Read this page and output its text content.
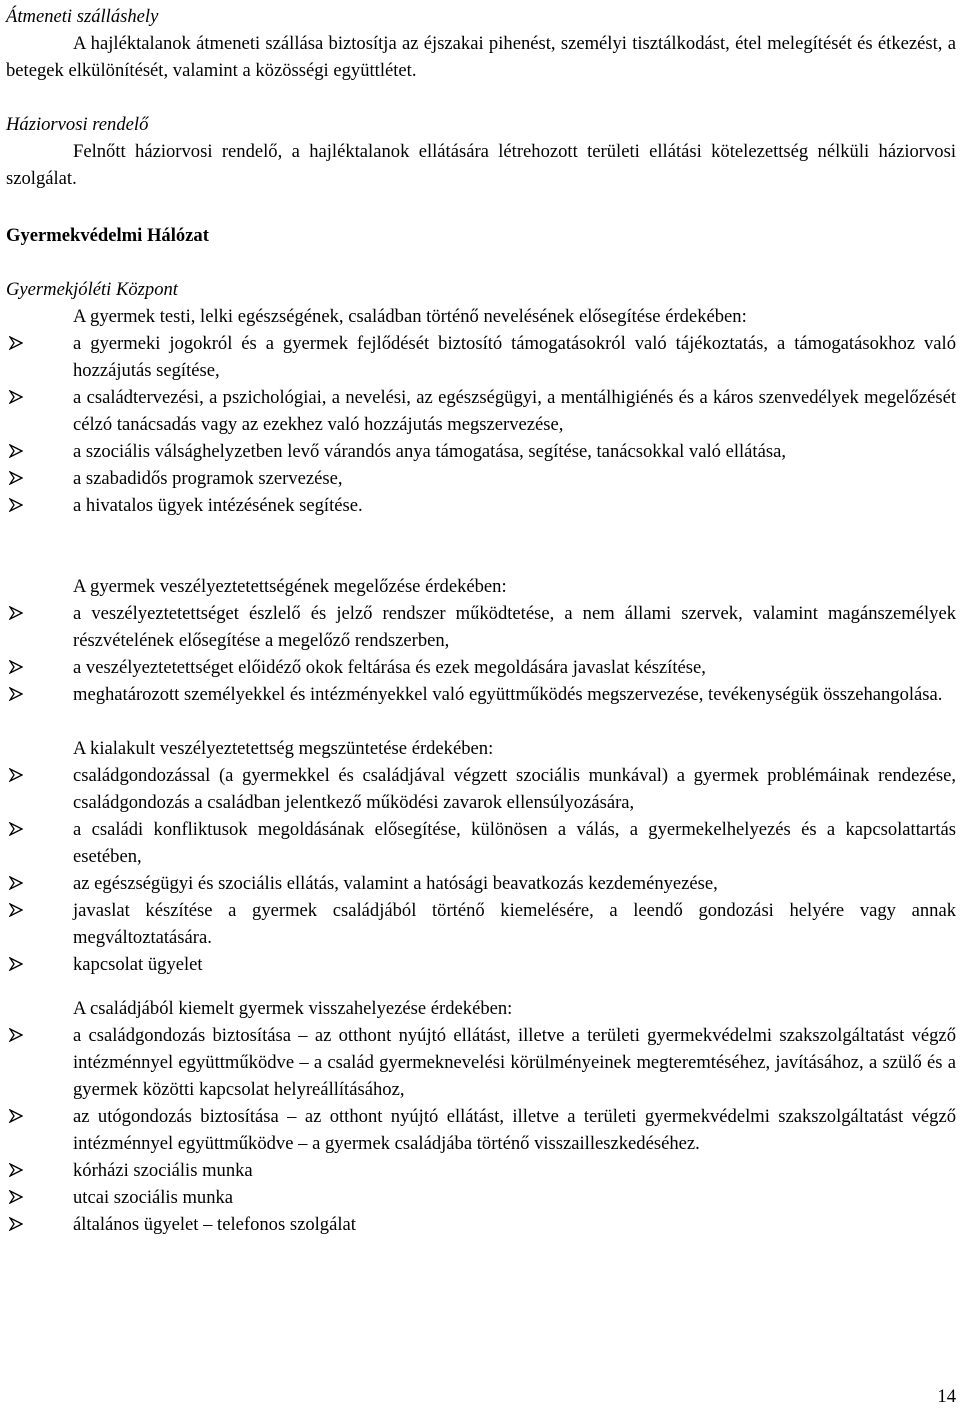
Átmeneti szálláshely

A hajléktalanok átmeneti szállása biztosítja az éjszakai pihenést, személyi tisztálkodást, étel melegítését és étkezést, a betegek elkülönítését, valamint a közösségi együttlétet.

Háziorvosi rendelő

Felnőtt háziorvosi rendelő, a hajléktalanok ellátására létrehozott területi ellátási kötelezettség nélküli háziorvosi szolgálat.

Gyermekvédelmi Hálózat

Gyermekjóléti Központ

A gyermek testi, lelki egészségének, családban történő nevelésének elősegítése érdekében:

a gyermeki jogokról és a gyermek fejlődését biztosító támogatásokról való tájékoztatás, a támogatásokhoz való hozzájutás segítése,
a családtervezési, a pszichológiai, a nevelési, az egészségügyi, a mentálhigiénés és a káros szenvedélyek megelőzését célzó tanácsadás vagy az ezekhez való hozzájutás megszervezése,
a szociális válsághelyzetben levő várandós anya támogatása, segítése, tanácsokkal való ellátása,
a szabadidős programok szervezése,
a hivatalos ügyek intézésének segítése.

A gyermek veszélyeztetettségének megelőzése érdekében:

a veszélyeztetettséget észlelő és jelző rendszer működtetése, a nem állami szervek, valamint magánszemélyek részvételének elősegítése a megelőző rendszerben,
a veszélyeztetettséget előidéző okok feltárása és ezek megoldására javaslat készítése,
meghatározott személyekkel és intézményekkel való együttműködés megszervezése, tevékenységük összehangolása.

A kialakult veszélyeztetettség megszüntetése érdekében:

családgondozással (a gyermekkel és családjával végzett szociális munkával) a gyermek problémáinak rendezése, családgondozás a családban jelentkező működési zavarok ellensúlyozására,
a családi konfliktusok megoldásának elősegítése, különösen a válás, a gyermekelhelyezés és a kapcsolattartás esetében,
az egészségügyi és szociális ellátás, valamint a hatósági beavatkozás kezdeményezése,
javaslat készítése a gyermek családjából történő kiemelésére, a leendő gondozási helyére vagy annak megváltoztatására.
kapcsolat ügyelet

A családjából kiemelt gyermek visszahelyezése érdekében:

a családgondozás biztosítása – az otthont nyújtó ellátást, illetve a területi gyermekvédelmi szakszolgáltatást végző intézménnyel együttműködve – a család gyermeknevelési körülményeinek megteremtéséhez, javításához, a szülő és a gyermek közötti kapcsolat helyreállításához,
az utógondozás biztosítása – az otthont nyújtó ellátást, illetve a területi gyermekvédelmi szakszolgáltatást végző intézménnyel együttműködve – a gyermek családjába történő visszailleszkedéséhez.
kórházi szociális munka
utcai szociális munka
általános ügyelet – telefonos szolgálat
14
